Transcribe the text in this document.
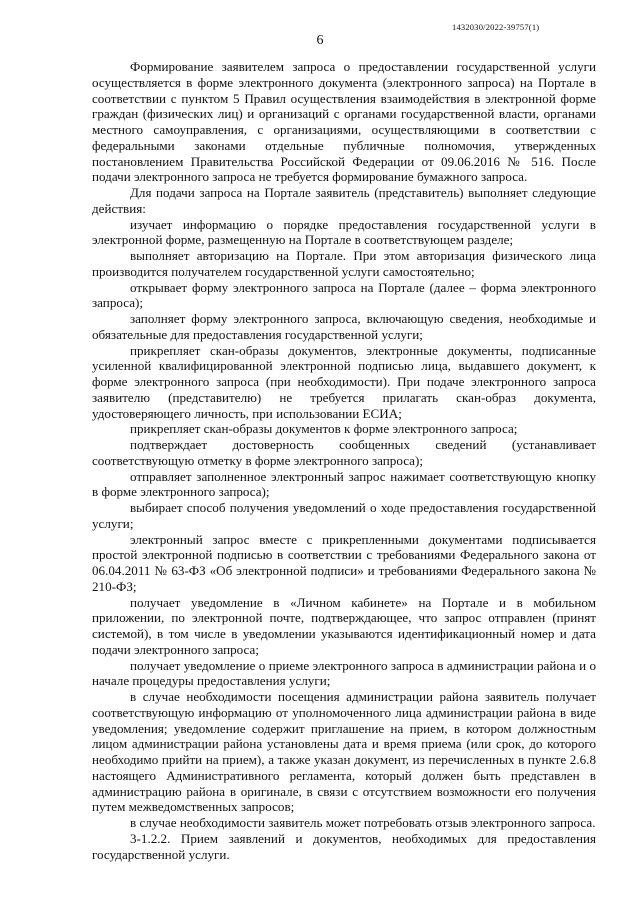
1432030/2022-39757(1)
6

Формирование заявителем запроса о предоставлении государственной услуги осуществляется в форме электронного документа (электронного запроса) на Портале в соответствии с пунктом 5 Правил осуществления взаимодействия в электронной форме граждан (физических лиц) и организаций с органами государственной власти, органами местного самоуправления, с организациями, осуществляющими в соответствии с федеральными законами отдельные публичные полномочия, утвержденных постановлением Правительства Российской Федерации от 09.06.2016 № 516. После подачи электронного запроса не требуется формирование бумажного запроса.

Для подачи запроса на Портале заявитель (представитель) выполняет следующие действия:

изучает информацию о порядке предоставления государственной услуги в электронной форме, размещенную на Портале в соответствующем разделе;

выполняет авторизацию на Портале. При этом авторизация физического лица производится получателем государственной услуги самостоятельно;

открывает форму электронного запроса на Портале (далее – форма электронного запроса);

заполняет форму электронного запроса, включающую сведения, необходимые и обязательные для предоставления государственной услуги;

прикрепляет скан-образы документов, электронные документы, подписанные усиленной квалифицированной электронной подписью лица, выдавшего документ, к форме электронного запроса (при необходимости). При подаче электронного запроса заявителю (представителю) не требуется прилагать скан-образ документа, удостоверяющего личность, при использовании ЕСИА;

прикрепляет скан-образы документов к форме электронного запроса;

подтверждает достоверность сообщенных сведений (устанавливает соответствующую отметку в форме электронного запроса);

отправляет заполненное электронный запрос нажимает соответствующую кнопку в форме электронного запроса);

выбирает способ получения уведомлений о ходе предоставления государственной услуги;

электронный запрос вместе с прикрепленными документами подписывается простой электронной подписью в соответствии с требованиями Федерального закона от 06.04.2011 № 63-ФЗ «Об электронной подписи» и требованиями Федерального закона № 210-ФЗ;

получает уведомление в «Личном кабинете» на Портале и в мобильном приложении, по электронной почте, подтверждающее, что запрос отправлен (принят системой), в том числе в уведомлении указываются идентификационный номер и дата подачи электронного запроса;

получает уведомление о приеме электронного запроса в администрации района и о начале процедуры предоставления услуги;

в случае необходимости посещения администрации района заявитель получает соответствующую информацию от уполномоченного лица администрации района в виде уведомления; уведомление содержит приглашение на прием, в котором должностным лицом администрации района установлены дата и время приема (или срок, до которого необходимо прийти на прием), а также указан документ, из перечисленных в пункте 2.6.8 настоящего Административного регламента, который должен быть представлен в администрацию района в оригинале, в связи с отсутствием возможности его получения путем межведомственных запросов;

в случае необходимости заявитель может потребовать отзыв электронного запроса.

3-1.2.2. Прием заявлений и документов, необходимых для предоставления государственной услуги.
